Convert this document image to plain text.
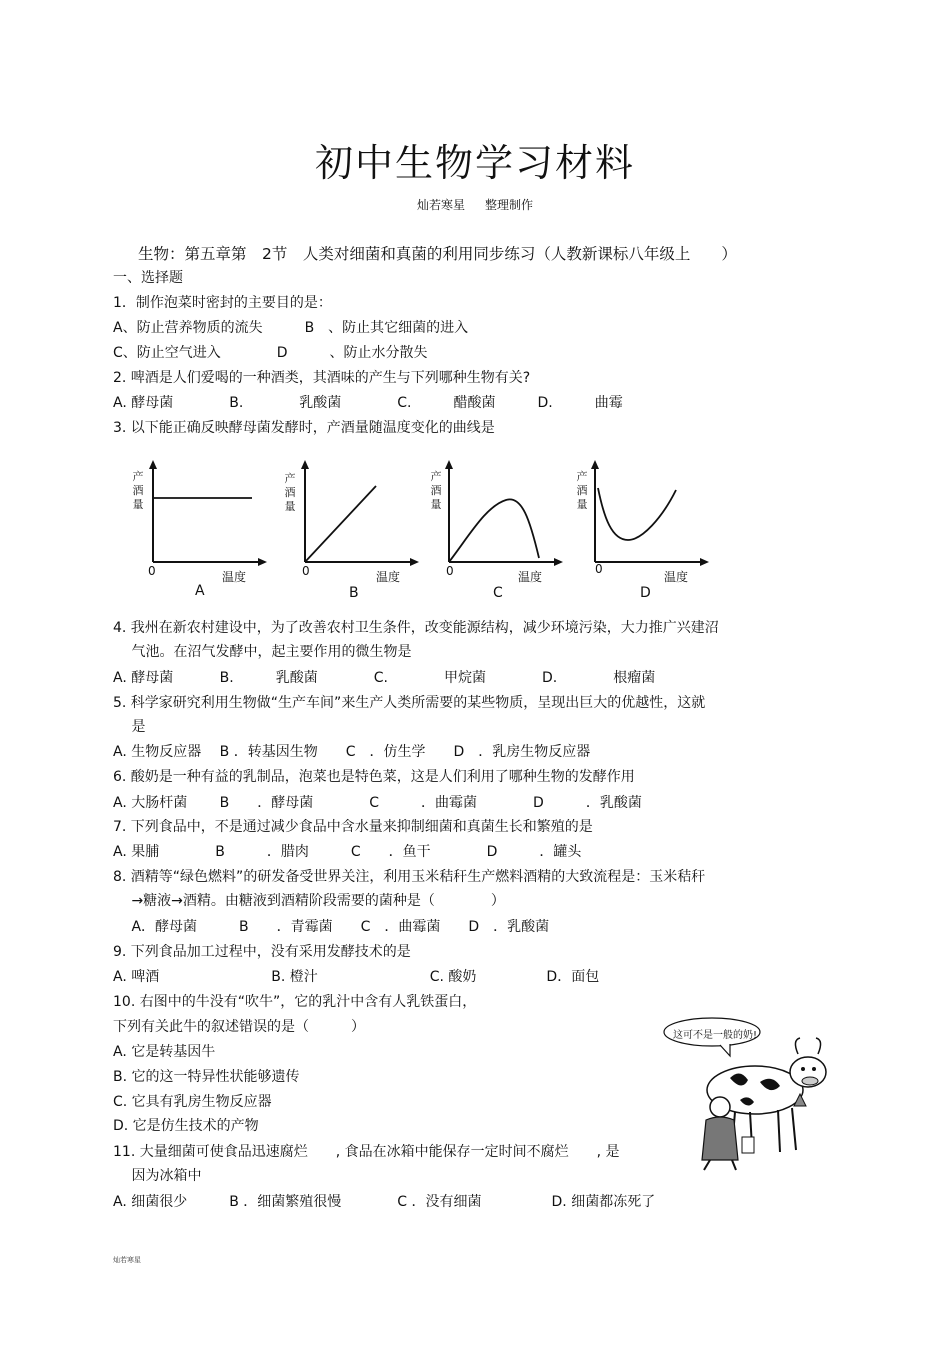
初中生物学习材料
灿若寒星 整理制作
生物：第五章第　2节　人类对细菌和真菌的利用同步练习（人教新课标八年级上　　）
一、选择题
1．制作泡菜时密封的主要目的是：
A、防止营养物质的流失　　　B　、防止其它细菌的进入
C、防止空气进入　　　　D　　　、防止水分散失
2. 啤酒是人们爱喝的一种酒类，其酒味的产生与下列哪种生物有关?
A. 酵母菌　　　　B.　　　　乳酸菌　　　　C.　　　醋酸菌　　　D.　　　曲霉
3. 以下能正确反映酵母菌发酵时，产酒量随温度变化的曲线是
产
酒
量
0	温度
A
产
酒
量
0	温度
B
产
酒
量
0	温度
C
产
酒
量
0
温度
D
4. 我州在新农村建设中，为了改善农村卫生条件，改变能源结构，减少环境污染，大力推广兴建沼
　 气池。在沼气发酵中，起主要作用的微生物是
A. 酵母菌　　　 B.　　　乳酸菌　　　　C.　　　　甲烷菌　　　　D.　　　　根瘤菌
5. 科学家研究利用生物做“生产车间”来生产人类所需要的某些物质，呈现出巨大的优越性，这就
　 是
A. 生物反应器　 B ．转基因生物　　C　．仿生学　　D　．乳房生物反应器
6. 酸奶是一种有益的乳制品，泡菜也是特色菜，这是人们利用了哪种生物的发酵作用
A. 大肠杆菌　　 B　　．酵母菌　　　　C　　　．曲霉菌　　　　D　　　．乳酸菌
7. 下列食品中，不是通过减少食品中含水量来抑制细菌和真菌生长和繁殖的是
A. 果脯　　　　B　　　．腊肉　　　C　　．鱼干　　　　D　　　．罐头
8. 酒精等“绿色燃料”的研发备受世界关注，利用玉米秸秆生产燃料酒精的大致流程是：玉米秸秆
　 →糖液→酒精。由糖液到酒精阶段需要的菌种是（　　　　）
　 A．酵母菌　　　B　　．青霉菌　　C　．曲霉菌　　D　．乳酸菌
9. 下列食品加工过程中，没有采用发酵技术的是
A. 啤酒　　　　　　　　B. 橙汁　　　　　　　　C. 酸奶　　　　　D．面包
10. 右图中的牛没有“吹牛”，它的乳汁中含有人乳铁蛋白，
下列有关此牛的叙述错误的是（　　　）
A. 它是转基因牛
B. 它的这一特异性状能够遗传
C. 它具有乳房生物反应器
D. 它是仿生技术的产物
11. 大量细菌可使食品迅速腐烂　　, 食品在冰箱中能保存一定时间不腐烂　　, 是
　 因为冰箱中
A. 细菌很少　　　B ．细菌繁殖很慢　　　　C ．没有细菌　　　　　D. 细菌都冻死了
这可不是一般的奶!
灿若寒星
